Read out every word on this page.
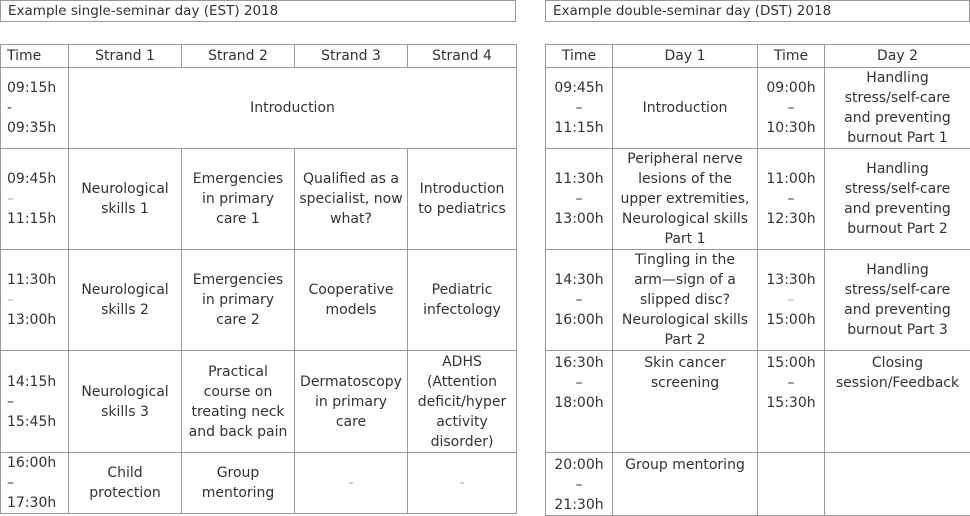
Example single-seminar day (EST) 2018	Example double-seminar day (DST) 2018
Time	Strand 1	Strand 2	Strand 3	Strand 4

09:15h
-
09:35h	Introduction			

09:45h
–
11:15h	Neurological
skills 1	Emergencies
in primary
care 1	Qualified as a
specialist, now
what?	Introduction
to pediatrics

11:30h
–
13:00h	Neurological
skills 2	Emergencies
in primary
care 2	Cooperative
models	Pediatric
infectology

14:15h
–
15:45h	Neurological
skills 3	Practical
course on
treating neck
and back pain	Dermatoscopy
in primary
care	ADHS
(Attention
deficit/hyper
activity
disorder)

16:00h
–
17:30h	Child
protection	Group
mentoring	-	-
Time	Day 1	Time	Day 2

09:45h
–
11:15h	Introduction	09:00h
–
10:30h	Handling
stress/self-care
and preventing
burnout Part 1

11:30h
–
13:00h	Peripheral nerve
lesions of the
upper extremities,
Neurological skills
Part 1	11:00h
–
12:30h	Handling
stress/self-care
and preventing
burnout Part 2

14:30h
–
16:00h	Tingling in the
arm—sign of a
slipped disc?
Neurological skills
Part 2	13:30h
–
15:00h	Handling
stress/self-care
and preventing
burnout Part 3

16:30h
–
18:00h	Skin cancer
screening	15:00h
–
15:30h	Closing
session/Feedback

20:00h
–
21:30h	Group mentoring		
